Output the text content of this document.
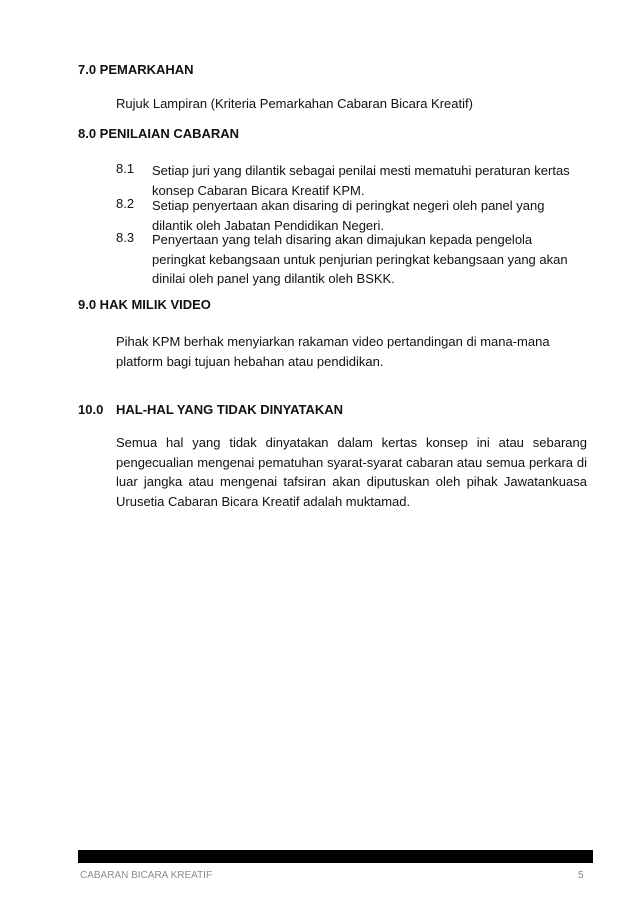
7.0 PEMARKAHAN
Rujuk Lampiran (Kriteria Pemarkahan Cabaran Bicara Kreatif)
8.0 PENILAIAN CABARAN
8.1 Setiap juri yang dilantik sebagai penilai mesti mematuhi peraturan kertas konsep Cabaran Bicara Kreatif KPM.
8.2 Setiap penyertaan akan disaring di peringkat negeri oleh panel yang dilantik oleh Jabatan Pendidikan Negeri.
8.3 Penyertaan yang telah disaring akan dimajukan kepada pengelola peringkat kebangsaan untuk penjurian peringkat kebangsaan yang akan dinilai oleh panel yang dilantik oleh BSKK.
9.0 HAK MILIK VIDEO
Pihak KPM berhak menyiarkan rakaman video pertandingan di mana-mana platform bagi tujuan hebahan atau pendidikan.
10.0 HAL-HAL YANG TIDAK DINYATAKAN
Semua hal yang tidak dinyatakan dalam kertas konsep ini atau sebarang pengecualian mengenai pematuhan syarat-syarat cabaran atau semua perkara di luar jangka atau mengenai tafsiran akan diputuskan oleh pihak Jawatankuasa Urusetia Cabaran Bicara Kreatif adalah muktamad.
CABARAN BICARA KREATIF	5
